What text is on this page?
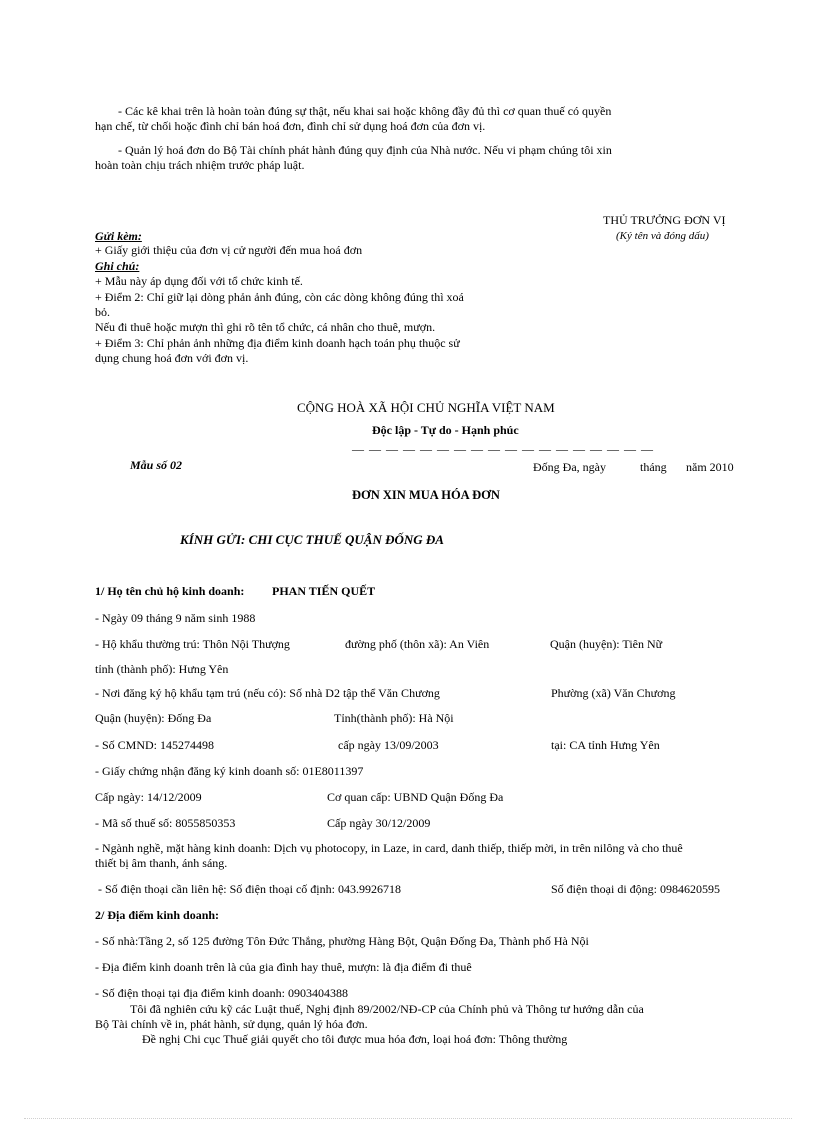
- Các kê khai trên là hoàn toàn đúng sự thật, nếu khai sai hoặc không đầy đủ thì cơ quan thuế có quyền
hạn chế, từ chối hoặc đình chỉ bán hoá đơn, đình chỉ sử dụng hoá đơn của đơn vị.
- Quản lý hoá đơn do Bộ Tài chính phát hành đúng quy định của Nhà nước. Nếu vi phạm chúng tôi xin
hoàn toàn chịu trách nhiệm trước pháp luật.
THỦ TRƯỞNG ĐƠN VỊ
(Ký tên và đóng dấu)
Gửi kèm:
+ Giấy giới thiệu của đơn vị cử người đến mua hoá đơn
Ghi chú:
+ Mẫu này áp dụng đối với tổ chức kinh tế.
+ Điểm 2: Chỉ giữ lại dòng phản ảnh đúng, còn các dòng không đúng thì xoá
bỏ.
Nếu đi thuê hoặc mượn thì ghi rõ tên tổ chức, cá nhân cho thuê, mượn.
+ Điểm 3: Chỉ phản ảnh những địa điểm kinh doanh hạch toán phụ thuộc sử
dụng chung hoá đơn với đơn vị.
CỘNG HOÀ XÃ HỘI CHỦ NGHĨA VIỆT NAM
Độc lập - Tự do - Hạnh phúc
— — — — — — — — — — — — — — — — — —
Mẫu số 02	Đống Đa, ngày	tháng năm 2010
ĐƠN XIN MUA HÓA ĐƠN
KÍNH GỬI: CHI CỤC THUẾ QUẬN ĐỐNG ĐA
1/ Họ tên chủ hộ kinh doanh: PHAN TIẾN QUẾT
- Ngày 09 tháng 9 năm sinh 1988
- Hộ khẩu thường trú: Thôn Nội Thượng	đường phố (thôn xã): An Viên	Quận (huyện): Tiên Nữ
tỉnh (thành phố): Hưng Yên
- Nơi đăng ký hộ khẩu tạm trú (nếu có): Số nhà D2 tập thể Văn Chương	Phường (xã) Văn Chương
Quận (huyện): Đống Đa	Tỉnh(thành phố): Hà Nội
- Số CMND: 145274498	cấp ngày 13/09/2003	tại: CA tỉnh Hưng Yên
- Giấy chứng nhận đăng ký kinh doanh số: 01E8011397
Cấp ngày: 14/12/2009	Cơ quan cấp: UBND Quận Đống Đa
- Mã số thuế số: 8055850353	Cấp ngày 30/12/2009
- Ngành nghề, mặt hàng kinh doanh: Dịch vụ photocopy, in Laze, in card, danh thiếp, thiếp mời, in trên nilông và cho thuê
thiết bị âm thanh, ánh sáng.
- Số điện thoại cần liên hệ: Số điện thoại cố định: 043.9926718	Số điện thoại di động: 0984620595
2/ Địa điểm kinh doanh:
- Số nhà:Tầng 2, số 125 đường Tôn Đức Thắng, phường Hàng Bột, Quận Đống Đa, Thành phố Hà Nội
- Địa điểm kinh doanh trên là của gia đình hay thuê, mượn: là địa điểm đi thuê
- Số điện thoại tại địa điểm kinh doanh: 0903404388
Tôi đã nghiên cứu kỹ các Luật thuế, Nghị định 89/2002/NĐ-CP của Chính phủ và Thông tư hướng dẫn của
Bộ Tài chính về in, phát hành, sử dụng, quản lý hóa đơn.
Đề nghị Chi cục Thuế giải quyết cho tôi được mua hóa đơn, loại hoá đơn: Thông thường
